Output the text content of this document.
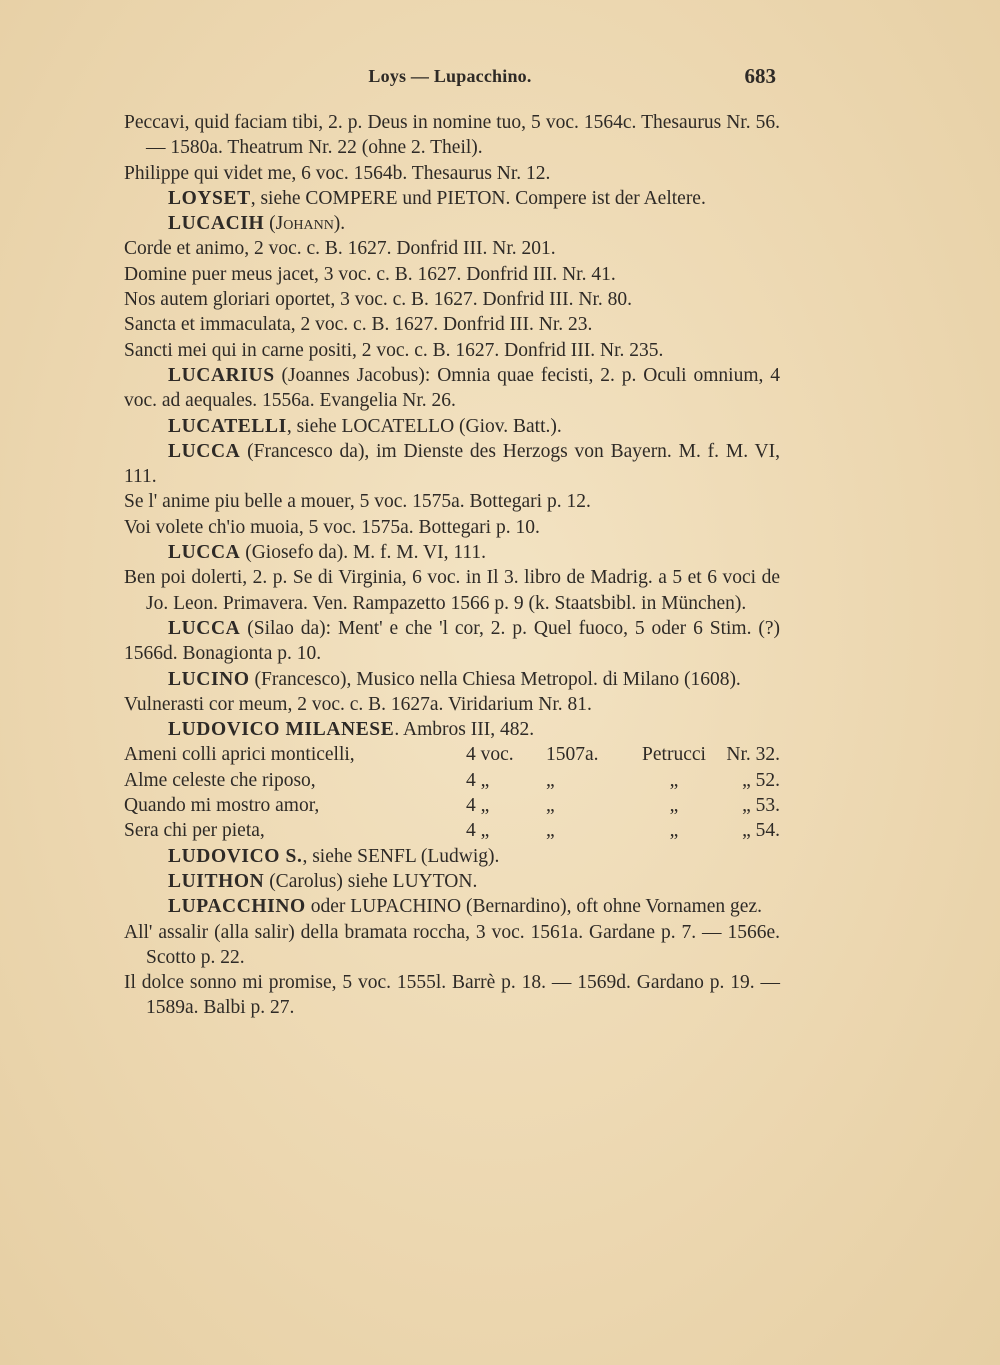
Loys — Lupacchino.	683

Peccavi, quid faciam tibi, 2. p. Deus in nomine tuo, 5 voc. 1564c. Thesaurus Nr. 56. — 1580a. Theatrum Nr. 22 (ohne 2. Theil).

Philippe qui videt me, 6 voc. 1564b. Thesaurus Nr. 12.

LOYSET, siehe COMPERE und PIETON. Compere ist der Aeltere.

LUCACIH (Johann).

Corde et animo, 2 voc. c. B. 1627. Donfrid III. Nr. 201.

Domine puer meus jacet, 3 voc. c. B. 1627. Donfrid III. Nr. 41.

Nos autem gloriari oportet, 3 voc. c. B. 1627. Donfrid III. Nr. 80.

Sancta et immaculata, 2 voc. c. B. 1627. Donfrid III. Nr. 23.

Sancti mei qui in carne positi, 2 voc. c. B. 1627. Donfrid III. Nr. 235.

LUCARIUS (Joannes Jacobus): Omnia quae fecisti, 2. p. Oculi omnium, 4 voc. ad aequales. 1556a. Evangelia Nr. 26.

LUCATELLI, siehe LOCATELLO (Giov. Batt.).

LUCCA (Francesco da), im Dienste des Herzogs von Bayern. M. f. M. VI, 111.

Se l' anime piu belle a mouer, 5 voc. 1575a. Bottegari p. 12.

Voi volete ch'io muoia, 5 voc. 1575a. Bottegari p. 10.

LUCCA (Giosefo da). M. f. M. VI, 111.

Ben poi dolerti, 2. p. Se di Virginia, 6 voc. in Il 3. libro de Madrig. a 5 et 6 voci de Jo. Leon. Primavera. Ven. Rampazetto 1566 p. 9 (k. Staatsbibl. in München).

LUCCA (Silao da): Ment' e che 'l cor, 2. p. Quel fuoco, 5 oder 6 Stim. (?) 1566d. Bonagionta p. 10.

LUCINO (Francesco), Musico nella Chiesa Metropol. di Milano (1608).

Vulnerasti cor meum, 2 voc. c. B. 1627a. Viridarium Nr. 81.

LUDOVICO MILANESE. Ambros III, 482.

Ameni colli aprici monticelli,	4 voc.	1507a.	Petrucci	Nr. 32.
Alme celeste che riposo,	4 „	„	„	„ 52.
Quando mi mostro amor,	4 „	„	„	„ 53.
Sera chi per pieta,	4 „	„	„	„ 54.

LUDOVICO S., siehe SENFL (Ludwig).

LUITHON (Carolus) siehe LUYTON.

LUPACCHINO oder LUPACHINO (Bernardino), oft ohne Vornamen gez.

All' assalir (alla salir) della bramata roccha, 3 voc. 1561a. Gardane p. 7. — 1566e. Scotto p. 22.

Il dolce sonno mi promise, 5 voc. 1555l. Barrè p. 18. — 1569d. Gardano p. 19. — 1589a. Balbi p. 27.
